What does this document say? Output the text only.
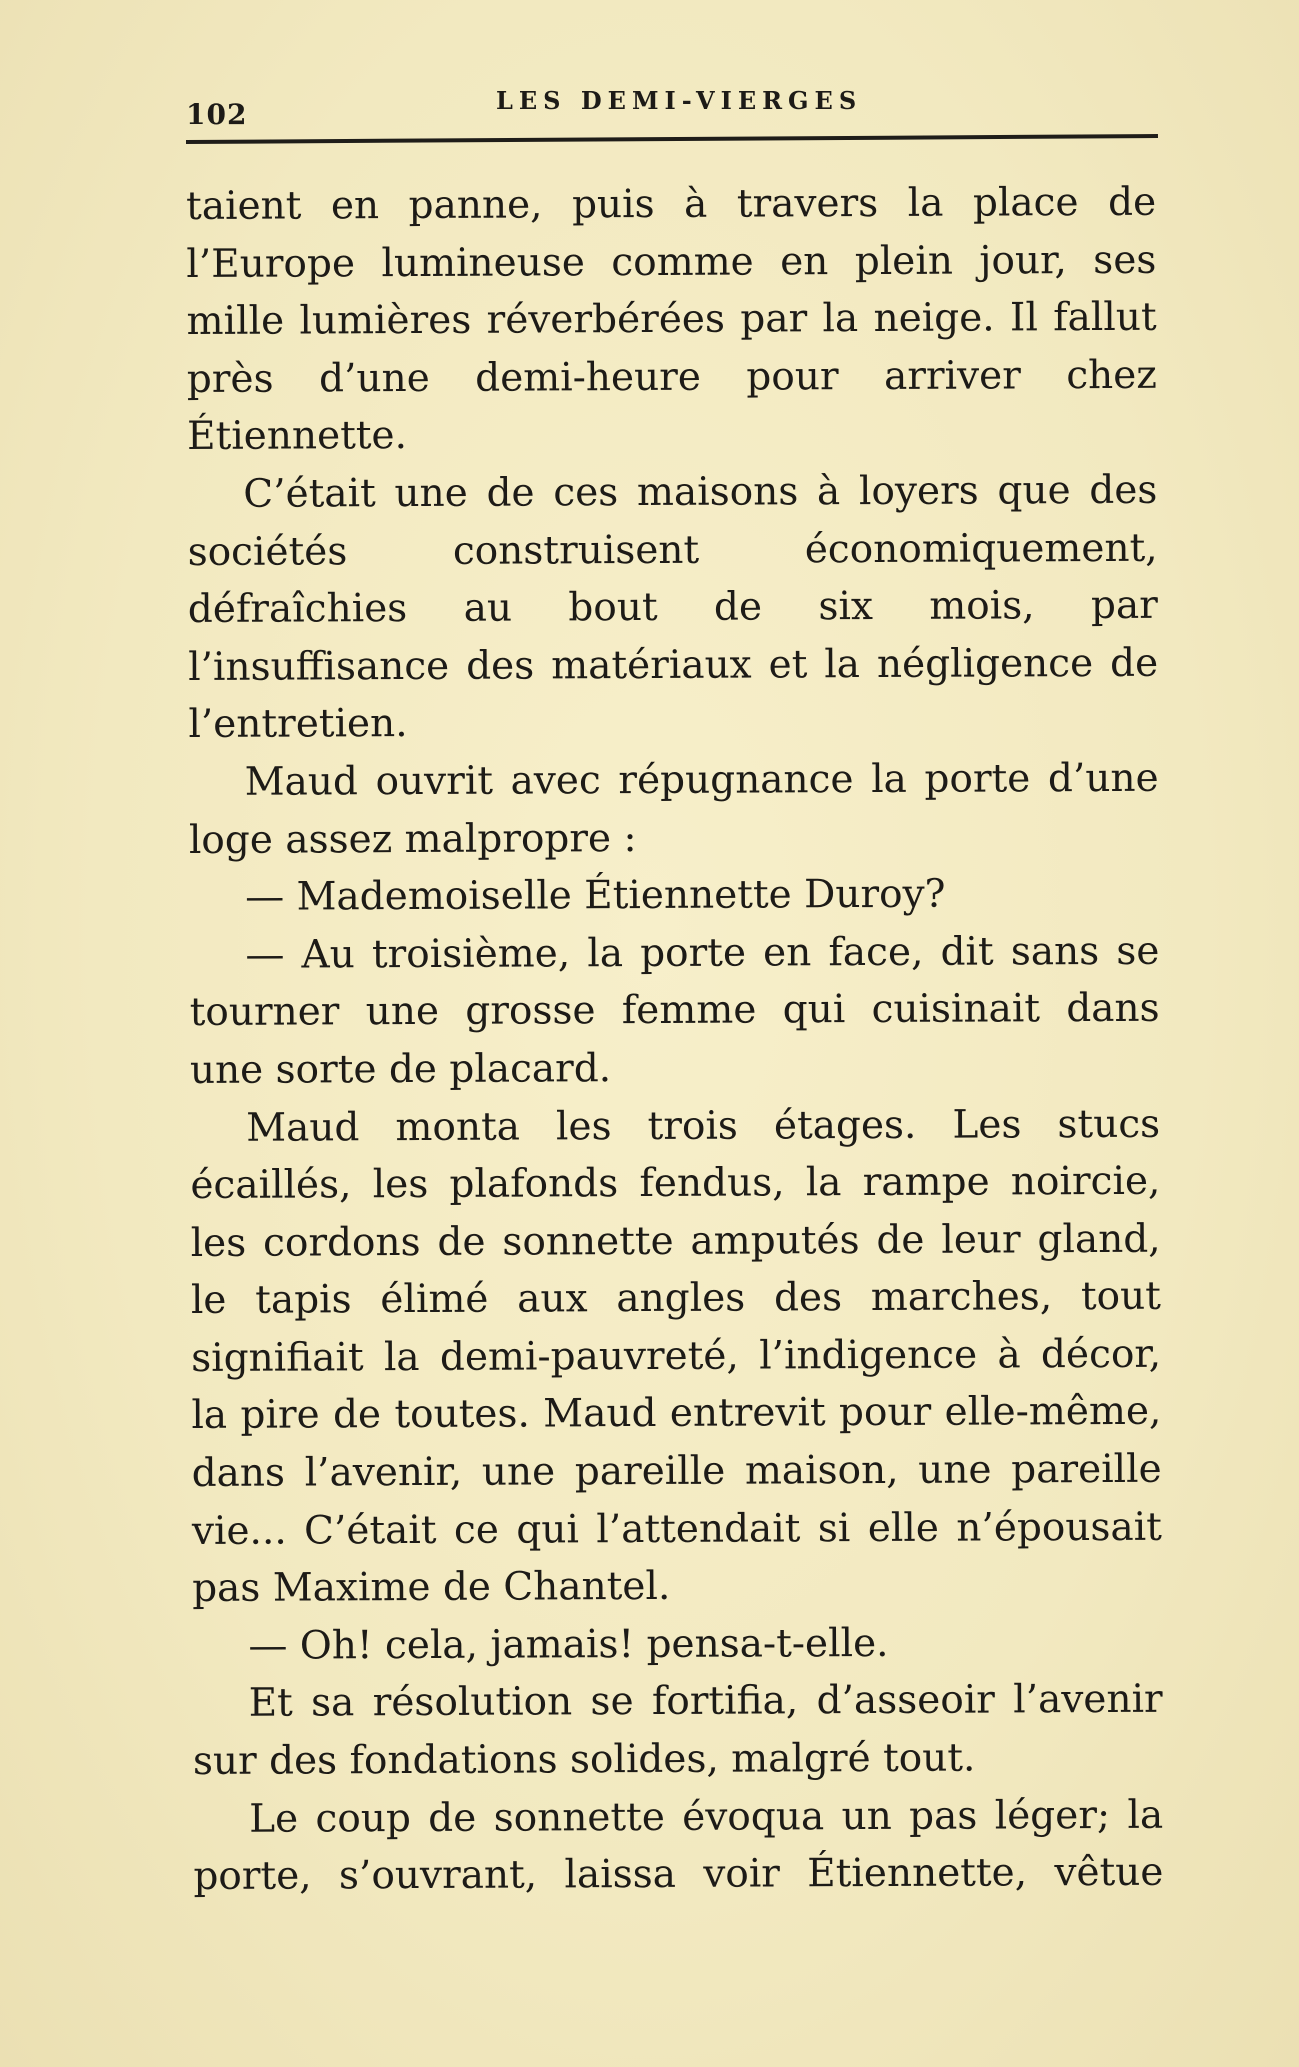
102	LES DEMI-VIERGES

taient en panne, puis à travers la place de l’Europe lumineuse comme en plein jour, ses mille lumières réverbérées par la neige. Il fallut près d’une demi-heure pour arriver chez Étiennette.

C’était une de ces maisons à loyers que des sociétés construisent économiquement, défraîchies au bout de six mois, par l’insuffisance des matériaux et la négligence de l’entretien.

Maud ouvrit avec répugnance la porte d’une loge assez malpropre :

— Mademoiselle Étiennette Duroy?

— Au troisième, la porte en face, dit sans se tourner une grosse femme qui cuisinait dans une sorte de placard.

Maud monta les trois étages. Les stucs écaillés, les plafonds fendus, la rampe noircie, les cordons de sonnette amputés de leur gland, le tapis élimé aux angles des marches, tout signifiait la demi-pauvreté, l’indigence à décor, la pire de toutes. Maud entrevit pour elle-même, dans l’avenir, une pareille maison, une pareille vie... C’était ce qui l’attendait si elle n’épousait pas Maxime de Chantel.

— Oh! cela, jamais! pensa-t-elle.

Et sa résolution se fortifia, d’asseoir l’avenir sur des fondations solides, malgré tout.

Le coup de sonnette évoqua un pas léger; la porte, s’ouvrant, laissa voir Étiennette, vêtue
